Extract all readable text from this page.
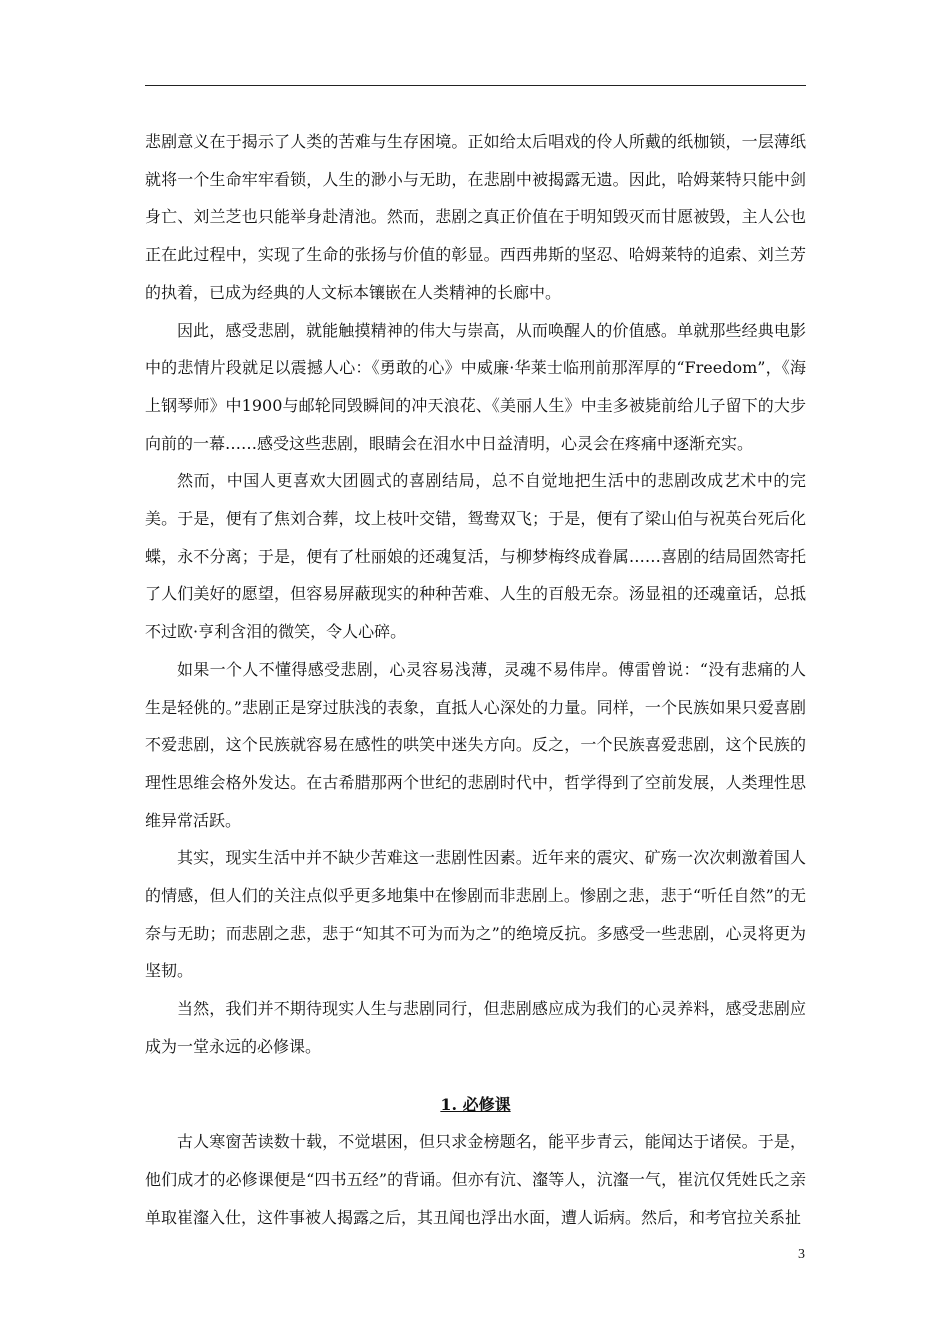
悲剧意义在于揭示了人类的苦难与生存困境。正如给太后唱戏的伶人所戴的纸枷锁，一层薄纸就将一个生命牢牢看锁，人生的渺小与无助，在悲剧中被揭露无遗。因此，哈姆莱特只能中剑身亡、刘兰芝也只能举身赴清池。然而，悲剧之真正价值在于明知毁灭而甘愿被毁，主人公也正在此过程中，实现了生命的张扬与价值的彰显。西西弗斯的坚忍、哈姆莱特的追索、刘兰芳的执着，已成为经典的人文标本镶嵌在人类精神的长廊中。

因此，感受悲剧，就能触摸精神的伟大与崇高，从而唤醒人的价值感。单就那些经典电影中的悲情片段就足以震撼人心：《勇敢的心》中威廉·华莱士临刑前那浑厚的“Freedom”，《海上钢琴师》中1900与邮轮同毁瞬间的冲天浪花、《美丽人生》中圭多被毙前给儿子留下的大步向前的一幕……感受这些悲剧，眼睛会在泪水中日益清明，心灵会在疼痛中逐渐充实。

然而，中国人更喜欢大团圆式的喜剧结局，总不自觉地把生活中的悲剧改成艺术中的完美。于是，便有了焦刘合葬，坟上枝叶交错，鸳鸯双飞；于是，便有了梁山伯与祝英台死后化蝶，永不分离；于是，便有了杜丽娘的还魂复活，与柳梦梅终成眷属……喜剧的结局固然寄托了人们美好的愿望，但容易屏蔽现实的种种苦难、人生的百般无奈。汤显祖的还魂童话，总抵不过欧·亨利含泪的微笑，令人心碎。

如果一个人不懂得感受悲剧，心灵容易浅薄，灵魂不易伟岸。傅雷曾说：“没有悲痛的人生是轻佻的。”悲剧正是穿过肤浅的表象，直抵人心深处的力量。同样，一个民族如果只爱喜剧不爱悲剧，这个民族就容易在感性的哄笑中迷失方向。反之，一个民族喜爱悲剧，这个民族的理性思维会格外发达。在古希腊那两个世纪的悲剧时代中，哲学得到了空前发展，人类理性思维异常活跃。

其实，现实生活中并不缺少苦难这一悲剧性因素。近年来的震灾、矿殇一次次刺激着国人的情感，但人们的关注点似乎更多地集中在惨剧而非悲剧上。惨剧之悲，悲于“听任自然”的无奈与无助；而悲剧之悲，悲于“知其不可为而为之”的绝境反抗。多感受一些悲剧，心灵将更为坚韧。

当然，我们并不期待现实人生与悲剧同行，但悲剧感应成为我们的心灵养料，感受悲剧应成为一堂永远的必修课。

1. 必修课

古人寒窗苦读数十载，不觉堪困，但只求金榜题名，能平步青云，能闻达于诸侯。于是，他们成才的必修课便是“四书五经”的背诵。但亦有沆、瀣等人，沆瀣一气，崔沆仅凭姓氏之亲单取崔瀣入仕，这件事被人揭露之后，其丑闻也浮出水面，遭人诟病。然后，和考官拉关系扯

3
